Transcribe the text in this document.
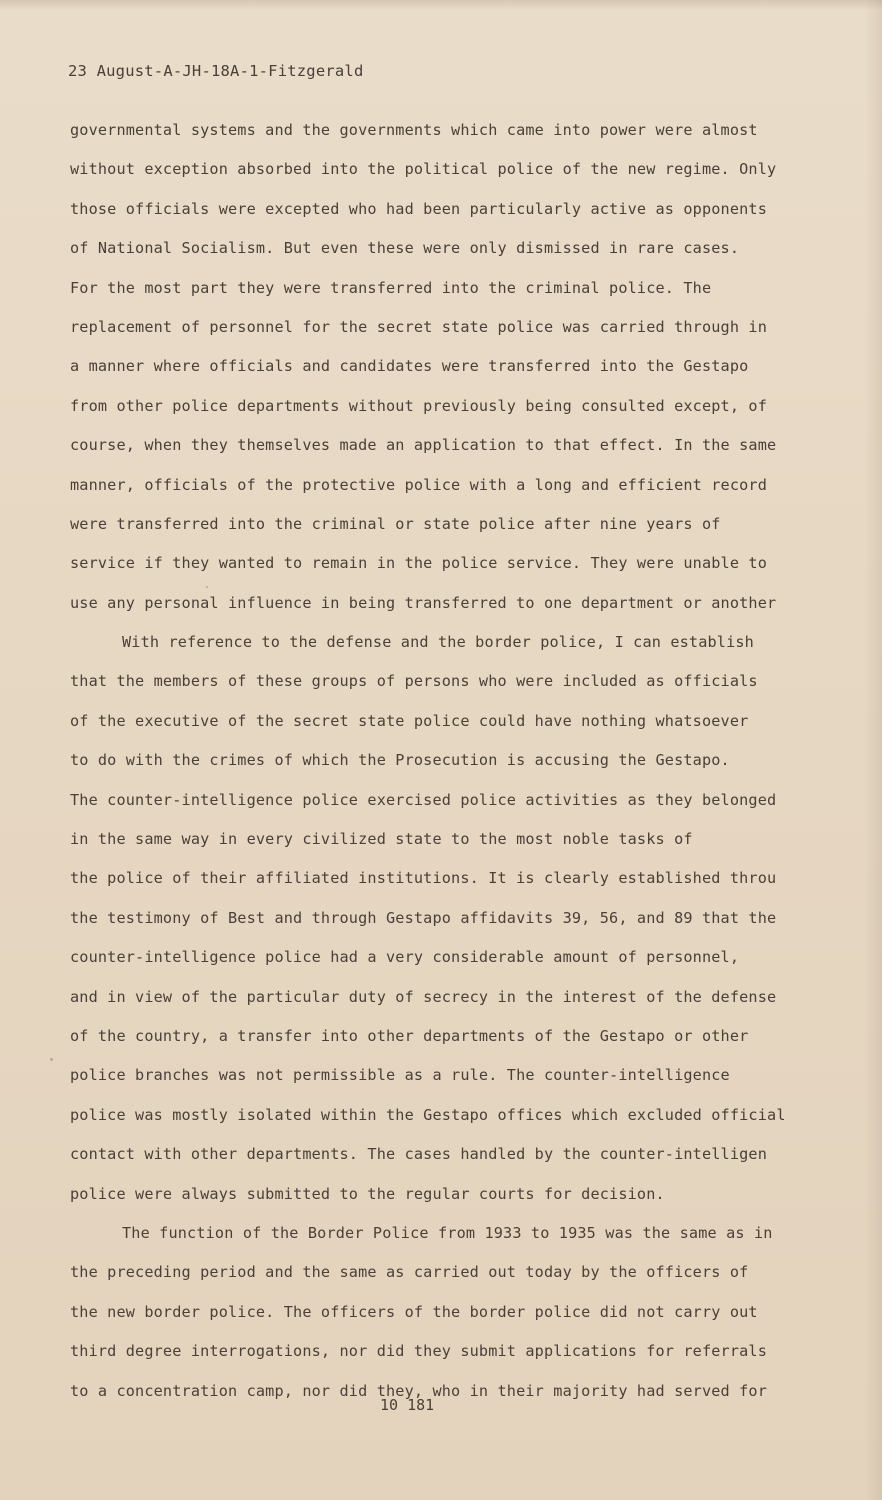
23 August-A-JH-18A-1-Fitzgerald
governmental systems and the governments which came into power were almost
without exception absorbed into the political police of the new regime. Only
those officials were excepted who had been particularly active as opponents
of National Socialism. But even these were only dismissed in rare cases.
For the most part they were transferred into the criminal police. The
replacement of personnel for the secret state police was carried through in
a manner where officials and candidates were transferred into the Gestapo
from other police departments without previously being consulted except, of
course, when they themselves made an application to that effect. In the same
manner, officials of the protective police with a long and efficient record
were transferred into the criminal or state police after nine years of
service if they wanted to remain in the police service. They were unable to
use any personal influence in being transferred to one department or another
With reference to the defense and the border police, I can establish
that the members of these groups of persons who were included as officials
of the executive of the secret state police could have nothing whatsoever
to do with the crimes of which the Prosecution is accusing the Gestapo.
The counter-intelligence police exercised police activities as they belonged
in the same way in every civilized state to the most noble tasks of
the police of their affiliated institutions. It is clearly established throu
the testimony of Best and through Gestapo affidavits 39, 56, and 89 that the
counter-intelligence police had a very considerable amount of personnel,
and in view of the particular duty of secrecy in the interest of the defense
of the country, a transfer into other departments of the Gestapo or other
police branches was not permissible as a rule. The counter-intelligence
police was mostly isolated within the Gestapo offices which excluded official
contact with other departments. The cases handled by the counter-intelligen
police were always submitted to the regular courts for decision.
The function of the Border Police from 1933 to 1935 was the same as in
the preceding period and the same as carried out today by the officers of
the new border police. The officers of the border police did not carry out
third degree interrogations, nor did they submit applications for referrals
to a concentration camp, nor did they, who in their majority had served for
10 181
